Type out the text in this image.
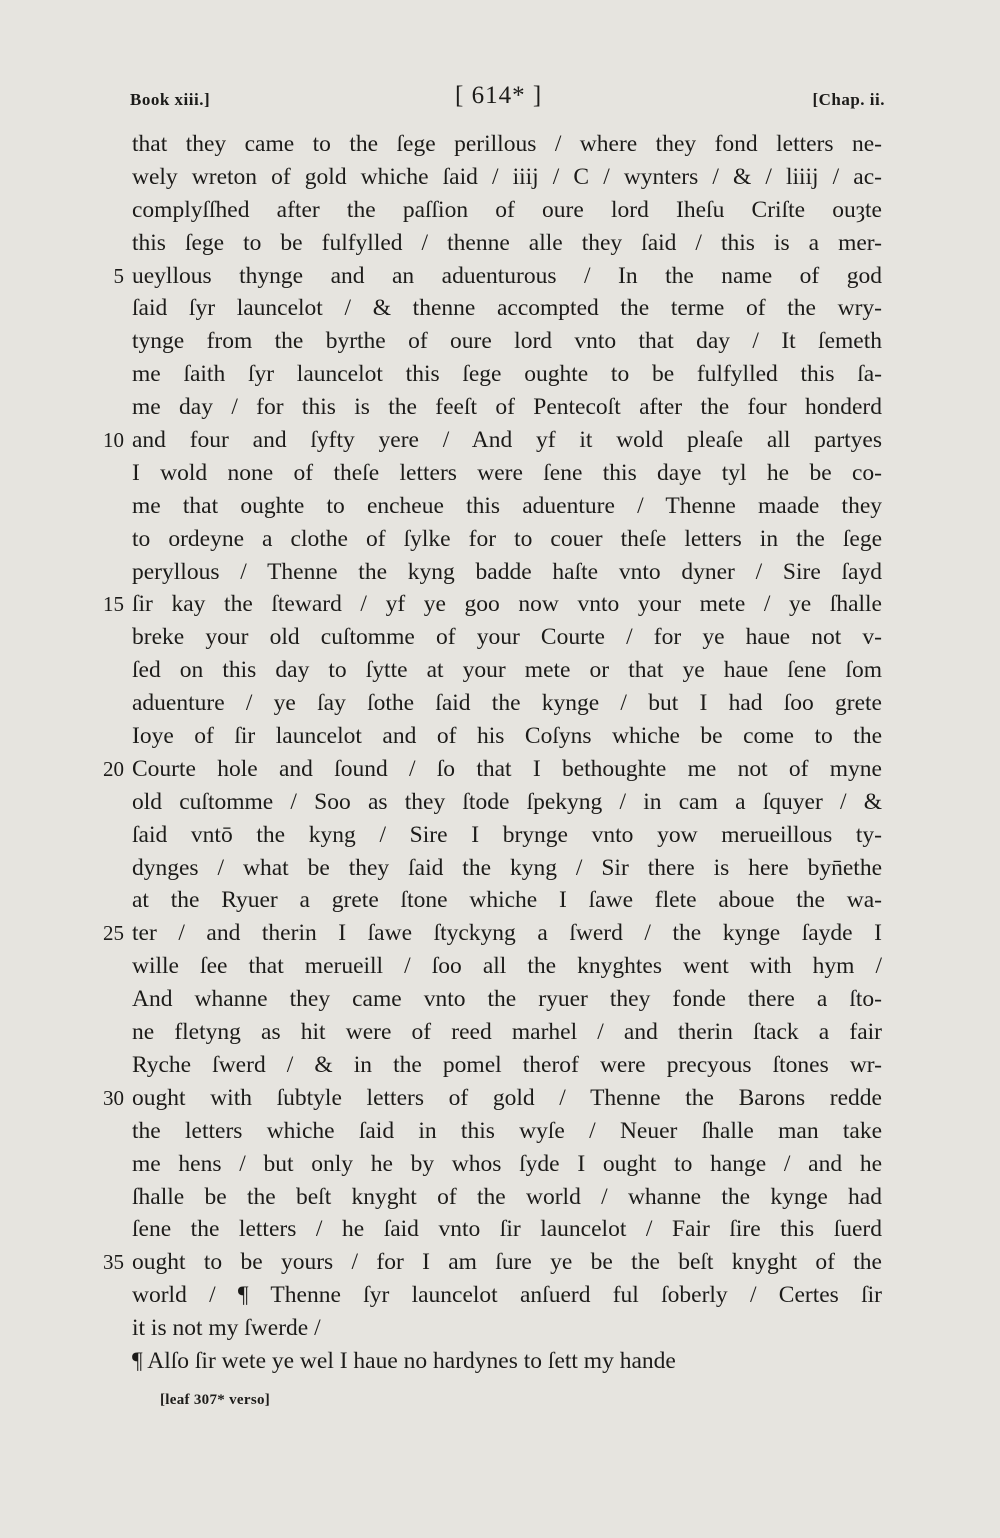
Book xiii.]	[ 614* ]	[Chap. ii.
that they came to the ſege perillous / where they fond letters ne-
wely wreton of gold whiche ſaid / iiij / C / wynters / & / liiij / ac-
complyſſhed after the paſſion of oure lord Iheſu Criſte ouȝte
this ſege to be fulfylled / thenne alle they ſaid / this is a mer-
5 ueyllous thynge and an aduenturous / In the name of god
ſaid ſyr launcelot / & thenne accompted the terme of the wry-
tynge from the byrthe of oure lord vnto that day / It ſemeth
me ſaith ſyr launcelot this ſege oughte to be fulfylled this ſa-
me day / for this is the feeſt of Pentecoſt after the four honderd
10 and four and ſyfty yere / And yf it wold pleaſe all partyes
I wold none of theſe letters were ſene this daye tyl he be co-
me that oughte to encheue this aduenture / Thenne maade they
to ordeyne a clothe of ſylke for to couer theſe letters in the ſege
peryllous / Thenne the kyng badde haſte vnto dyner / Sire ſayd
15 ſir kay the ſteward / yf ye goo now vnto your mete / ye ſhalle
breke your old cuſtomme of your Courte / for ye haue not v-
ſed on this day to ſytte at your mete or that ye haue ſene ſom
aduenture / ye ſay ſothe ſaid the kynge / but I had ſoo grete
Ioye of ſir launcelot and of his Coſyns whiche be come to the
20 Courte hole and ſound / ſo that I bethoughte me not of myne
old cuſtomme / Soo as they ſtode ſpekyng / in cam a ſquyer / &
ſaid vntō the kyng / Sire I brynge vnto yow merueillous ty-
dynges / what be they ſaid the kyng / Sir there is here byn̄ethe
at the Ryuer a grete ſtone whiche I ſawe flete aboue the wa-
25 ter / and therin I ſawe ſtyckyng a ſwerd / the kynge ſayde I
wille ſee that merueill / ſoo all the knyghtes went with hym /
And whanne they came vnto the ryuer they fonde there a ſto-
ne fletyng as hit were of reed marhel / and therin ſtack a fair
Ryche ſwerd / & in the pomel therof were precyous ſtones wr-
30 ought with ſubtyle letters of gold / Thenne the Barons redde
the letters whiche ſaid in this wyſe / Neuer ſhalle man take
me hens / but only he by whos ſyde I ought to hange / and he
ſhalle be the beſt knyght of the world / whanne the kynge had
ſene the letters / he ſaid vnto ſir launcelot / Fair ſire this ſuerd
35 ought to be yours / for I am ſure ye be the beſt knyght of the
world / ¶ Thenne ſyr launcelot anſuerd ful ſoberly / Certes ſir
it is not my ſwerde /
¶ Alſo ſir wete ye wel I haue no hardynes to ſett my hande
[leaf 307* verso]
